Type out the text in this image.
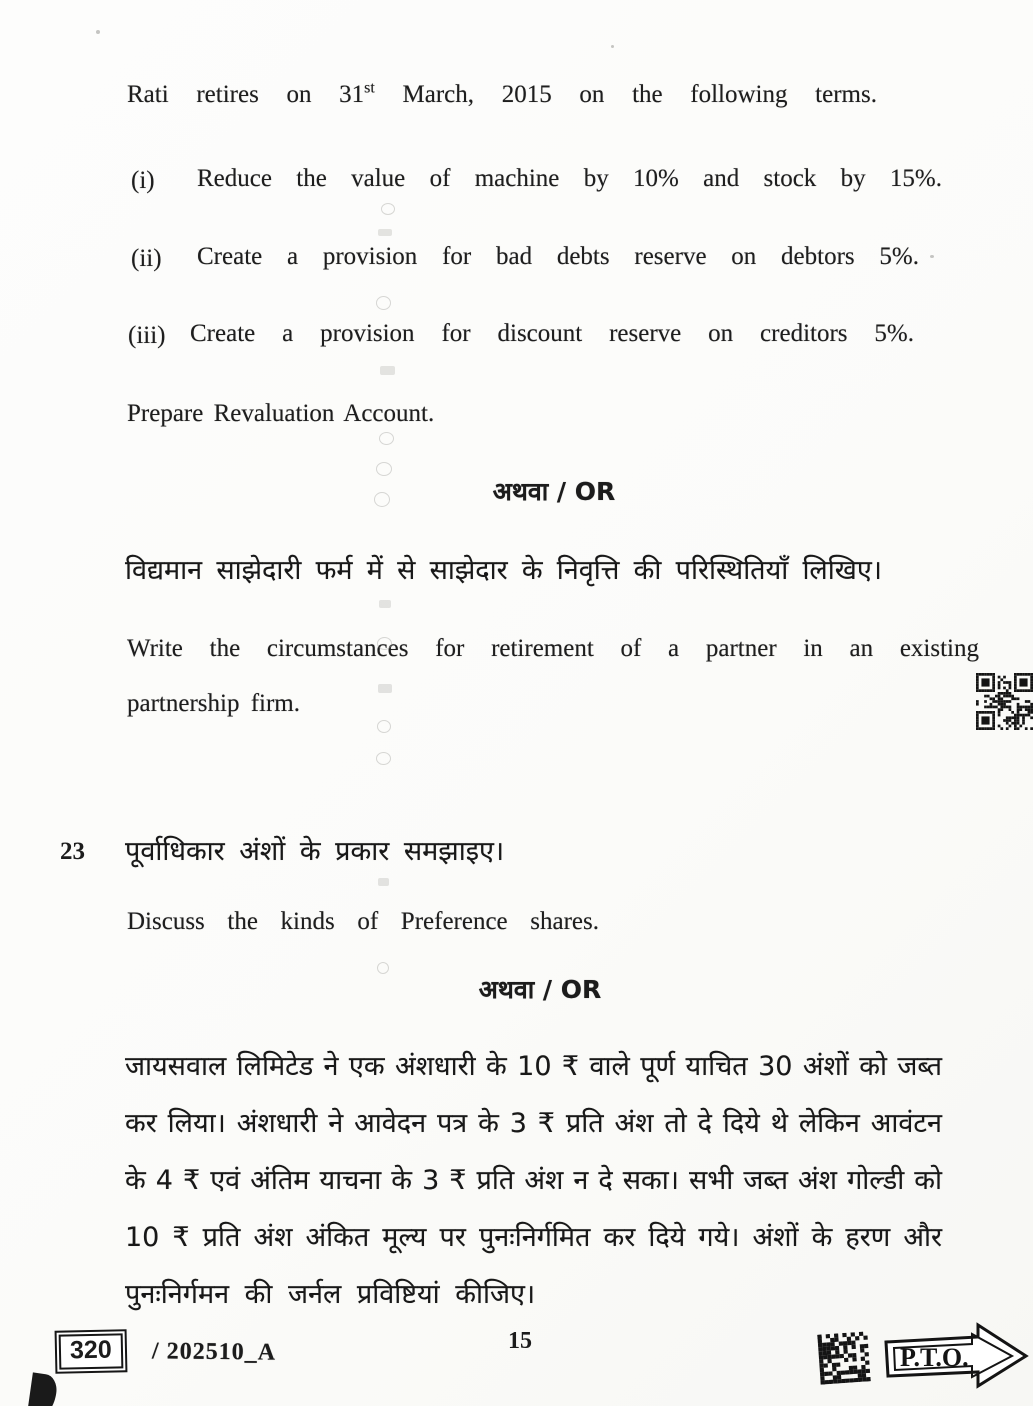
Rati retires on 31st March, 2015 on the following terms.
(i) Reduce the value of machine by 10% and stock by 15%.
(ii) Create a provision for bad debts reserve on debtors 5%.
(iii) Create a provision for discount reserve on creditors 5%.
Prepare Revaluation Account.
अथवा / OR
विद्यमान साझेदारी फर्म में से साझेदार के निवृत्ति की परिस्थितियाँ लिखिए।
Write the circumstances for retirement of a partner in an existing
partnership firm.
23 पूर्वाधिकार अंशों के प्रकार समझाइए।
Discuss the kinds of Preference shares.
अथवा / OR
जायसवाल लिमिटेड ने एक अंशधारी के 10 ₹ वाले पूर्ण याचित 30 अंशों को जब्त
कर लिया। अंशधारी ने आवेदन पत्र के 3 ₹ प्रति अंश तो दे दिये थे लेकिन आवंटन
के 4 ₹ एवं अंतिम याचना के 3 ₹ प्रति अंश न दे सका। सभी जब्त अंश गोल्डी को
10 ₹ प्रति अंश अंकित मूल्य पर पुनःनिर्गमित कर दिये गये। अंशों के हरण और
पुनःनिर्गमन की जर्नल प्रविष्टियां कीजिए।
320	/ 202510_A	15
P.T.O.
